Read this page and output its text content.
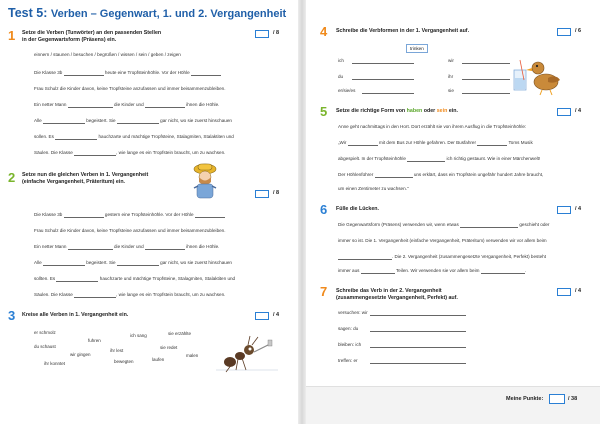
Test 5: Verben – Gegenwart, 1. und 2. Vergangenheit
1 Setze die Verben (Tunwörter) an den passenden Stellen
in der Gegenwartsform (Präsens) ein.
/ 8
einnern / staunen / besuchen / begrüßen / wissen / sein / geben / zeigen
Die Klasse 3b	heute eine Tropfsteinhöhle. Vor der Höhle
Frau Schulz die Kinder davon, keine Tropfsteine anzufassen und immer beisammenzubleiben.
Ein netter Mann	die Kinder und	ihnen die Höhle.
Alle	begeistert. Sie	gar nicht, wo sie zuerst hinschauen
sollen. Es	hauchzarte und mächtige Tropfsteine, Stalagmiten, Stalaktiten und
Säulen. Die Klasse	, wie lange es ein Tropfstein braucht, um zu wachsen.
2 Setze nun die gleichen Verben in 1. Vergangenheit
(einfache Vergangenheit, Präteritum) ein.
/ 8
Die Klasse 3b	gestern eine Tropfsteinhöhle. Vor der Höhle
Frau Schulz die Kinder davon, keine Tropfsteine anzufassen und immer beisammenzubleiben.
Ein netter Mann	die Kinder und	ihnen die Höhle.
Alle	begeistert. Sie	gar nicht, wo sie zuerst hinschauen
sollten. Es	hauchzarte und mächtige Tropfsteine, Stalagmiten, Stalaktiten und
Säulen. Die Klasse	, wie lange es ein Tropfstein braucht, um zu wachsen.
3 Kreise alle Verben in 1. Vergangenheit ein.	/ 4
er schmolz
du schaust
fuhren
wir gingen
ihr lest
ich sang	sie erzählte
sie redet
ihr konntet	bewegten	laufen
malen
4 Schreibe die Verbformen in der 1. Vergangenheit auf.	/ 6
trinken
ich	wir
du	ihr
er/sie/es	sie
5 Setze die richtige Form von haben oder sein ein.	/ 4
Anne geht nachmittags in den Hort. Dort erzählt sie von ihrem Ausflug in die Tropfsteinhöhle:
„Wir	mit dem Bus zur Höhle gefahren. Der Busfahrer	Toms Musik
abgespielt. In der Tropfsteinhöhle	ich richtig gestaunt. Wie in einer Märchenwelt!
Der Höhlenführer	uns erklärt, dass ein Tropfstein ungefähr hundert Jahre braucht,
um einen Zentimeter zu wachsen."
6 Fülle die Lücken.	/ 4
Die Gegenwartsform (Präsens) verwenden wir, wenn etwas	geschieht oder
immer so ist. Die 1. Vergangenheit (einfache Vergangenheit, Präteritum) verwenden wir vor allem beim
. Die 2. Vergangenheit (zusammengesetzte Vergangenheit, Perfekt) besteht
immer aus	Teilen. Wir verwenden sie vor allem beim	.
7 Schreibe das Verb in der 2. Vergangenheit
(zusammengesetzte Vergangenheit, Perfekt) auf.
/ 4
versuchen: wir
sagen: du
bleiben: ich
treffen: er
Meine Punkte:	/ 38
